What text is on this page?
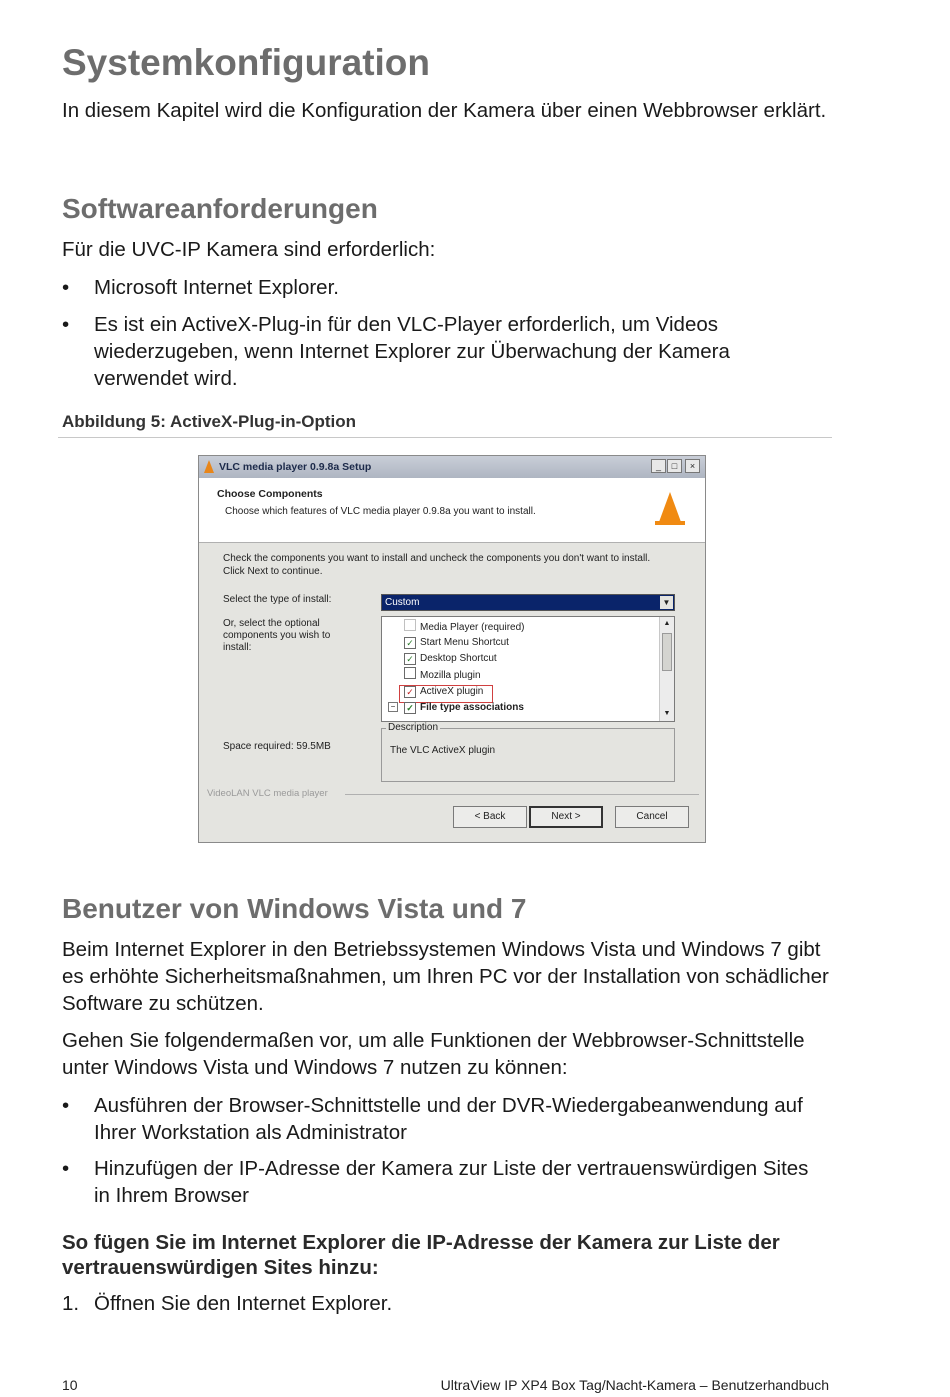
Systemkonfiguration

In diesem Kapitel wird die Konfiguration der Kamera über einen Webbrowser erklärt.

Softwareanforderungen

Für die UVC-IP Kamera sind erforderlich:

• Microsoft Internet Explorer.
• Es ist ein ActiveX-Plug-in für den VLC-Player erforderlich, um Videos wiederzugeben, wenn Internet Explorer zur Überwachung der Kamera verwendet wird.
Abbildung 5: ActiveX-Plug-in-Option
VLC media player 0.9.8a Setup	_	□	×
Choose Components
Choose which features of VLC media player 0.9.8a you want to install.
Check the components you want to install and uncheck the components you don't want to install. Click Next to continue.
Select the type of install:
Or, select the optional components you wish to install:
Custom	▼
Media Player (required)
✓ Start Menu Shortcut
✓ Desktop Shortcut
Mozilla plugin
✓ ActiveX plugin
− ✓ File type associations
▲
▼
Description
The VLC ActiveX plugin
Space required: 59.5MB
VideoLAN VLC media player
< Back	Next >	Cancel
Benutzer von Windows Vista und 7

Beim Internet Explorer in den Betriebssystemen Windows Vista und Windows 7 gibt es erhöhte Sicherheitsmaßnahmen, um Ihren PC vor der Installation von schädlicher Software zu schützen.

Gehen Sie folgendermaßen vor, um alle Funktionen der Webbrowser-Schnittstelle unter Windows Vista und Windows 7 nutzen zu können:

• Ausführen der Browser-Schnittstelle und der DVR-Wiedergabeanwendung auf Ihrer Workstation als Administrator
• Hinzufügen der IP-Adresse der Kamera zur Liste der vertrauenswürdigen Sites in Ihrem Browser
So fügen Sie im Internet Explorer die IP-Adresse der Kamera zur Liste der vertrauenswürdigen Sites hinzu:
1. Öffnen Sie den Internet Explorer.
10	UltraView IP XP4 Box Tag/Nacht-Kamera – Benutzerhandbuch
